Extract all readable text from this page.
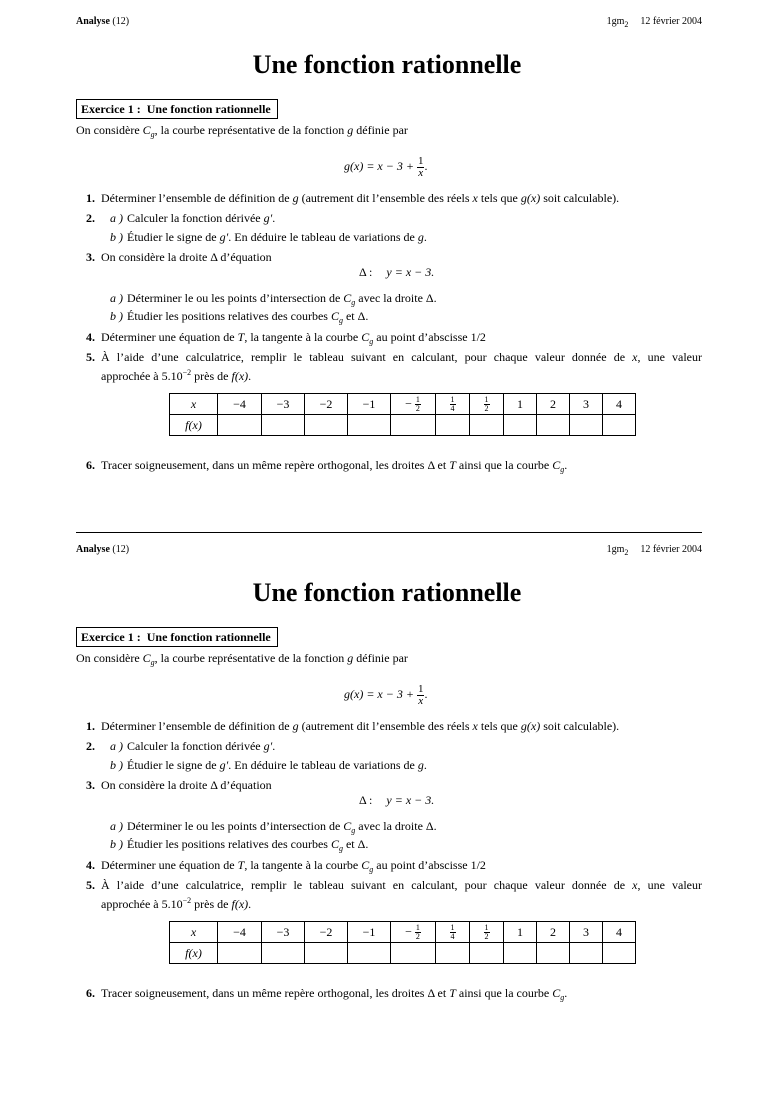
Analyse (12)	$1gm_2$ 12 février 2004
Une fonction rationnelle
Exercice 1 : Une fonction rationnelle
On considère $C_g$, la courbe représentative de la fonction g définie par
$g(x) = x - 3 + \frac{1}{x}$ .
1. Déterminer l’ensemble de définition de g (autrement dit l’ensemble des réels x tels que g(x) soit calculable).
2. a ) Calculer la fonction dérivée g′.
b ) Étudier le signe de g′. En déduire le tableau de variations de g.
3. On considère la droite Δ d’équation
Δ : y = x − 3.
a ) Déterminer le ou les points d’intersection de $C_g$ avec la droite Δ.
b ) Étudier les positions relatives des courbes $C_g$ et Δ.
4. Déterminer une équation de T, la tangente à la courbe $C_g$ au point d’abscisse 1/2
5. À l’aide d’une calculatrice, remplir le tableau suivant en calculant, pour chaque valeur donnée de x, une valeur
approchée à $5.10^{-2}$ près de f(x).
x	−4	−3	−2	−1	− $\frac{1}{2}$	$\frac{1}{4}$	$\frac{1}{2}$	1	2	3	4
f(x)											
6. Tracer soigneusement, dans un même repère orthogonal, les droites Δ et T ainsi que la courbe $C_g$.
Analyse (12)	$1gm_2$ 12 février 2004
Une fonction rationnelle
Exercice 1 : Une fonction rationnelle
On considère $C_g$, la courbe représentative de la fonction g définie par
$g(x) = x - 3 + \frac{1}{x}$ .
1. Déterminer l’ensemble de définition de g (autrement dit l’ensemble des réels x tels que g(x) soit calculable).
2. a ) Calculer la fonction dérivée g′.
b ) Étudier le signe de g′. En déduire le tableau de variations de g.
3. On considère la droite Δ d’équation
Δ : y = x − 3.
a ) Déterminer le ou les points d’intersection de $C_g$ avec la droite Δ.
b ) Étudier les positions relatives des courbes $C_g$ et Δ.
4. Déterminer une équation de T, la tangente à la courbe $C_g$ au point d’abscisse 1/2
5. À l’aide d’une calculatrice, remplir le tableau suivant en calculant, pour chaque valeur donnée de x, une valeur
approchée à $5.10^{-2}$ près de f(x).
x	−4	−3	−2	−1	− $\frac{1}{2}$	$\frac{1}{4}$	$\frac{1}{2}$	1	2	3	4
f(x)											
6. Tracer soigneusement, dans un même repère orthogonal, les droites Δ et T ainsi que la courbe $C_g$.
